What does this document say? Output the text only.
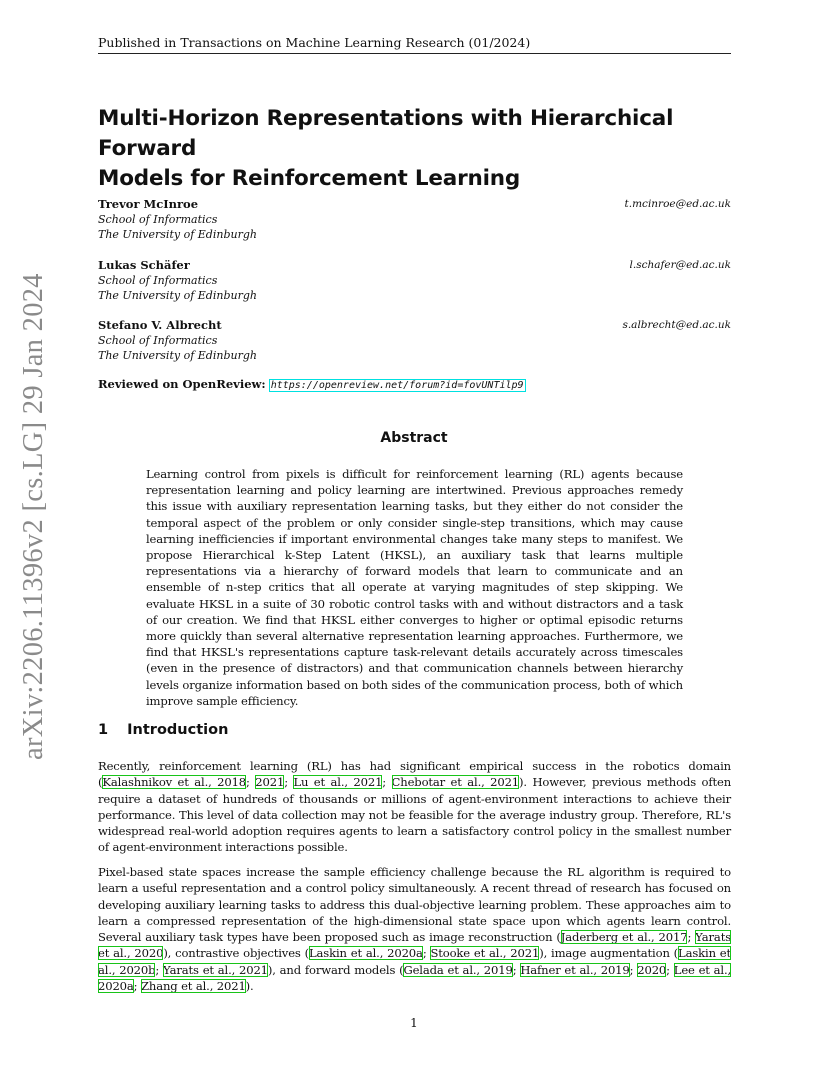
Published in Transactions on Machine Learning Research (01/2024)
Multi-Horizon Representations with Hierarchical Forward
Models for Reinforcement Learning
Trevor McInroe
School of Informatics
The University of Edinburgh
t.mcinroe@ed.ac.uk
Lukas Schäfer
School of Informatics
The University of Edinburgh
l.schafer@ed.ac.uk
Stefano V. Albrecht
School of Informatics
The University of Edinburgh
s.albrecht@ed.ac.uk
Reviewed on OpenReview: https://openreview.net/forum?id=fovUNTilp9
arXiv:2206.11396v2 [cs.LG] 29 Jan 2024	Abstract
Learning control from pixels is difficult for reinforcement learning (RL) agents because representation learning and policy learning are intertwined. Previous approaches remedy this issue with auxiliary representation learning tasks, but they either do not consider the temporal aspect of the problem or only consider single-step transitions, which may cause learning inefficiencies if important environmental changes take many steps to manifest. We propose Hierarchical k-Step Latent (HKSL), an auxiliary task that learns multiple representations via a hierarchy of forward models that learn to communicate and an ensemble of n-step critics that all operate at varying magnitudes of step skipping. We evaluate HKSL in a suite of 30 robotic control tasks with and without distractors and a task of our creation. We find that HKSL either converges to higher or optimal episodic returns more quickly than several alternative representation learning approaches. Furthermore, we find that HKSL's representations capture task-relevant details accurately across timescales (even in the presence of distractors) and that communication channels between hierarchy levels organize information based on both sides of the communication process, both of which improve sample efficiency.
1 Introduction
Recently, reinforcement learning (RL) has had significant empirical success in the robotics domain (Kalashnikov et al., 2018; 2021; Lu et al., 2021; Chebotar et al., 2021). However, previous methods often require a dataset of hundreds of thousands or millions of agent-environment interactions to achieve their performance. This level of data collection may not be feasible for the average industry group. Therefore, RL's widespread real-world adoption requires agents to learn a satisfactory control policy in the smallest number of agent-environment interactions possible.
Pixel-based state spaces increase the sample efficiency challenge because the RL algorithm is required to learn a useful representation and a control policy simultaneously. A recent thread of research has focused on developing auxiliary learning tasks to address this dual-objective learning problem. These approaches aim to learn a compressed representation of the high-dimensional state space upon which agents learn control. Several auxiliary task types have been proposed such as image reconstruction (Jaderberg et al., 2017; Yarats et al., 2020), contrastive objectives (Laskin et al., 2020a; Stooke et al., 2021), image augmentation (Laskin et al., 2020b; Yarats et al., 2021), and forward models (Gelada et al., 2019; Hafner et al., 2019; 2020; Lee et al., 2020a; Zhang et al., 2021).
1
